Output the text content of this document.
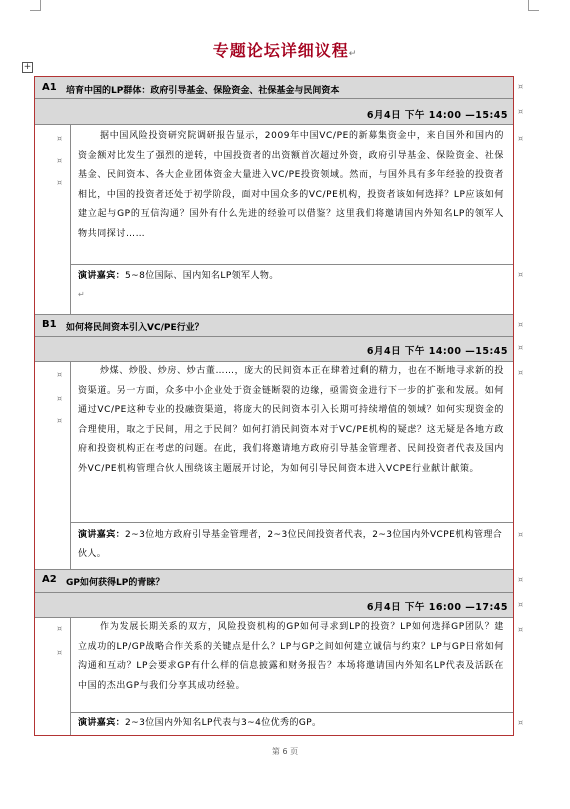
专题论坛详细议程↵
+
A1 培育中国的LP群体：政府引导基金、保险资金、社保基金与民间资本
6月4日 下午 14:00 —15:45
据中国风险投资研究院调研报告显示，2009年中国VC/PE的新募集资金中，来自国外和国内的资金额对比发生了强烈的逆转，中国投资者的出资额首次超过外资，政府引导基金、保险资金、社保基金、民间资本、各大企业团体资金大量进入VC/PE投资领域。然而，与国外具有多年经验的投资者相比，中国的投资者还处于初学阶段，面对中国众多的VC/PE机构，投资者该如何选择？LP应该如何建立起与GP的互信沟通？国外有什么先进的经验可以借鉴？这里我们将邀请国内外知名LP的领军人物共同探讨……
演讲嘉宾：5~8位国际、国内知名LP领军人物。
↵
B1 如何将民间资本引入VC/PE行业？
6月4日 下午 14:00 —15:45
炒煤、炒股、炒房、炒古董……，庞大的民间资本正在肆着过剩的精力，也在不断地寻求新的投资渠道。另一方面，众多中小企业处于资金链断裂的边缘，亟需资金进行下一步的扩张和发展。如何通过VC/PE这种专业的投融资渠道，将庞大的民间资本引入长期可持续增值的领域？如何实现资金的合理使用，取之于民间，用之于民间？如何打消民间资本对于VC/PE机构的疑虑？这无疑是各地方政府和投资机构正在考虑的问题。在此，我们将邀请地方政府引导基金管理者、民间投资者代表及国内外VC/PE机构管理合伙人围绕该主题展开讨论，为如何引导民间资本进入VCPE行业献计献策。
演讲嘉宾：2~3位地方政府引导基金管理者，2~3位民间投资者代表，2~3位国内外VCPE机构管理合伙人。
A2 GP如何获得LP的青睐？
6月4日 下午 16:00 —17:45
作为发展长期关系的双方，风险投资机构的GP如何寻求到LP的投资？LP如何选择GP团队？建立成功的LP/GP战略合作关系的关键点是什么？LP与GP之间如何建立诚信与约束？LP与GP日常如何沟通和互动？LP会要求GP有什么样的信息披露和财务报告？本场将邀请国内外知名LP代表及活跃在中国的杰出GP与我们分享其成功经验。
演讲嘉宾：2~3位国内外知名LP代表与3~4位优秀的GP。
¤
¤
¤
¤
¤
¤
¤
¤
¤
¤
¤
¤
¤
¤
¤
¤
¤
¤
¤
¤
第 6 页
